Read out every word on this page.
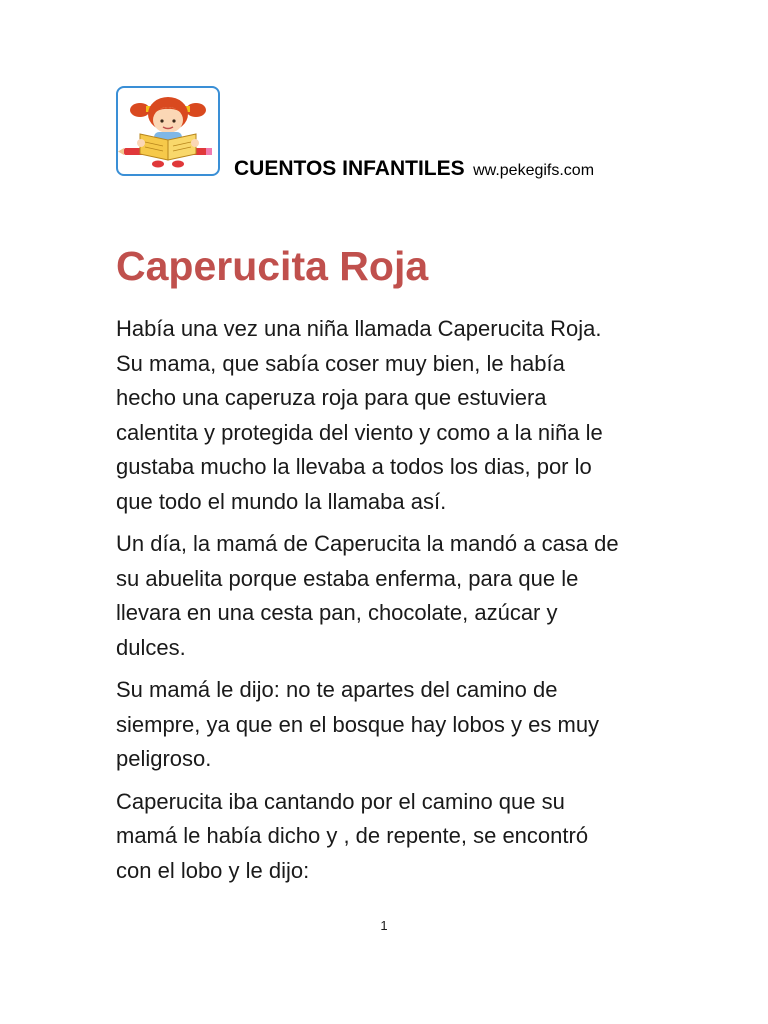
CUENTOS INFANTILES ww.pekegifs.com
Caperucita Roja

Había una vez una niña llamada Caperucita Roja.
Su mama, que sabía coser muy bien, le había
hecho una caperuza roja para que estuviera
calentita y protegida del viento y como a la niña le
gustaba mucho la llevaba a todos los dias, por lo
que todo el mundo la llamaba así.

Un día, la mamá de Caperucita la mandó a casa de
su abuelita porque estaba enferma, para que le
llevara en una cesta pan, chocolate, azúcar y
dulces.

Su mamá le dijo: no te apartes del camino de
siempre, ya que en el bosque hay lobos y es muy
peligroso.

Caperucita iba cantando por el camino que su
mamá le había dicho y , de repente, se encontró
con el lobo y le dijo:

1
